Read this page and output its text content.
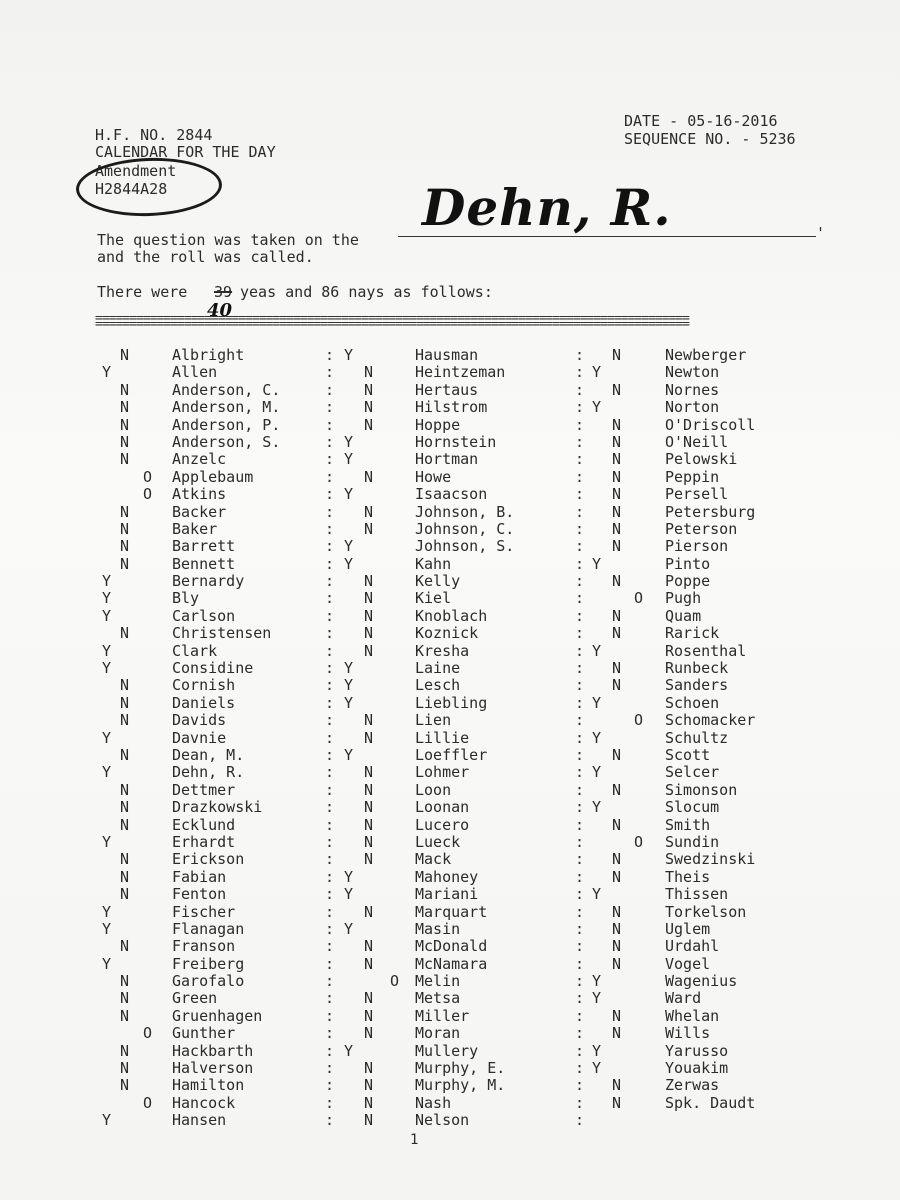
H.F. NO. 2844
CALENDAR FOR THE DAY
Amendment
H2844A28
DATE - 05-16-2016
SEQUENCE NO. - 5236
The question was taken on the
Dehn, R.	'
and the roll was called.
There were 39 yeas and 86 nays as follows:
40
N	Albright	: Y	Hausman	: N	Newberger
Y	Allen	: N	Heintzeman	: Y	Newton
N	Anderson, C.	: N	Hertaus	: N	Nornes
N	Anderson, M.	: N	Hilstrom	: Y	Norton
N	Anderson, P.	: N	Hoppe	: N	O'Driscoll
N	Anderson, S.	: Y	Hornstein	: N	O'Neill
N	Anzelc	: Y	Hortman	: N	Pelowski
O Applebaum	: N	Howe	: N	Peppin
O Atkins	: Y	Isaacson	: N	Persell
N	Backer	: N	Johnson, B.	: N	Petersburg
N	Baker	: N	Johnson, C.	: N	Peterson
N	Barrett	: Y	Johnson, S.	: N	Pierson
N	Bennett	: Y	Kahn	: Y	Pinto
Y	Bernardy	: N	Kelly	: N	Poppe
Y	Bly	: N	Kiel	:	O Pugh
Y	Carlson	: N	Knoblach	: N	Quam
N	Christensen	: N	Koznick	: N	Rarick
Y	Clark	: N	Kresha	: Y	Rosenthal
Y	Considine	: Y	Laine	: N	Runbeck
N	Cornish	: Y	Lesch	: N	Sanders
N	Daniels	: Y	Liebling	: Y	Schoen
N	Davids	: N	Lien	:	O Schomacker
Y	Davnie	: N	Lillie	: Y	Schultz
N	Dean, M.	: Y	Loeffler	: N	Scott
Y	Dehn, R.	: N	Lohmer	: Y	Selcer
N	Dettmer	: N	Loon	: N	Simonson
N	Drazkowski	: N	Loonan	: Y	Slocum
N	Ecklund	: N	Lucero	: N	Smith
Y	Erhardt	: N	Lueck	:	O Sundin
N	Erickson	: N	Mack	: N	Swedzinski
N	Fabian	: Y	Mahoney	: N	Theis
N	Fenton	: Y	Mariani	: Y	Thissen
Y	Fischer	: N	Marquart	: N	Torkelson
Y	Flanagan	: Y	Masin	: N	Uglem
N	Franson	: N	McDonald	: N	Urdahl
Y	Freiberg	: N	McNamara	: N	Vogel
N	Garofalo	:	O Melin	: Y	Wagenius
N	Green	: N	Metsa	: Y	Ward
N	Gruenhagen	: N	Miller	: N	Whelan
O Gunther	: N	Moran	: N	Wills
N	Hackbarth	: Y	Mullery	: Y	Yarusso
N	Halverson	: N	Murphy, E.	: Y	Youakim
N	Hamilton	: N	Murphy, M.	: N	Zerwas
O Hancock	: N	Nash	: N	Spk. Daudt
Y	Hansen	: N	Nelson	:
1
